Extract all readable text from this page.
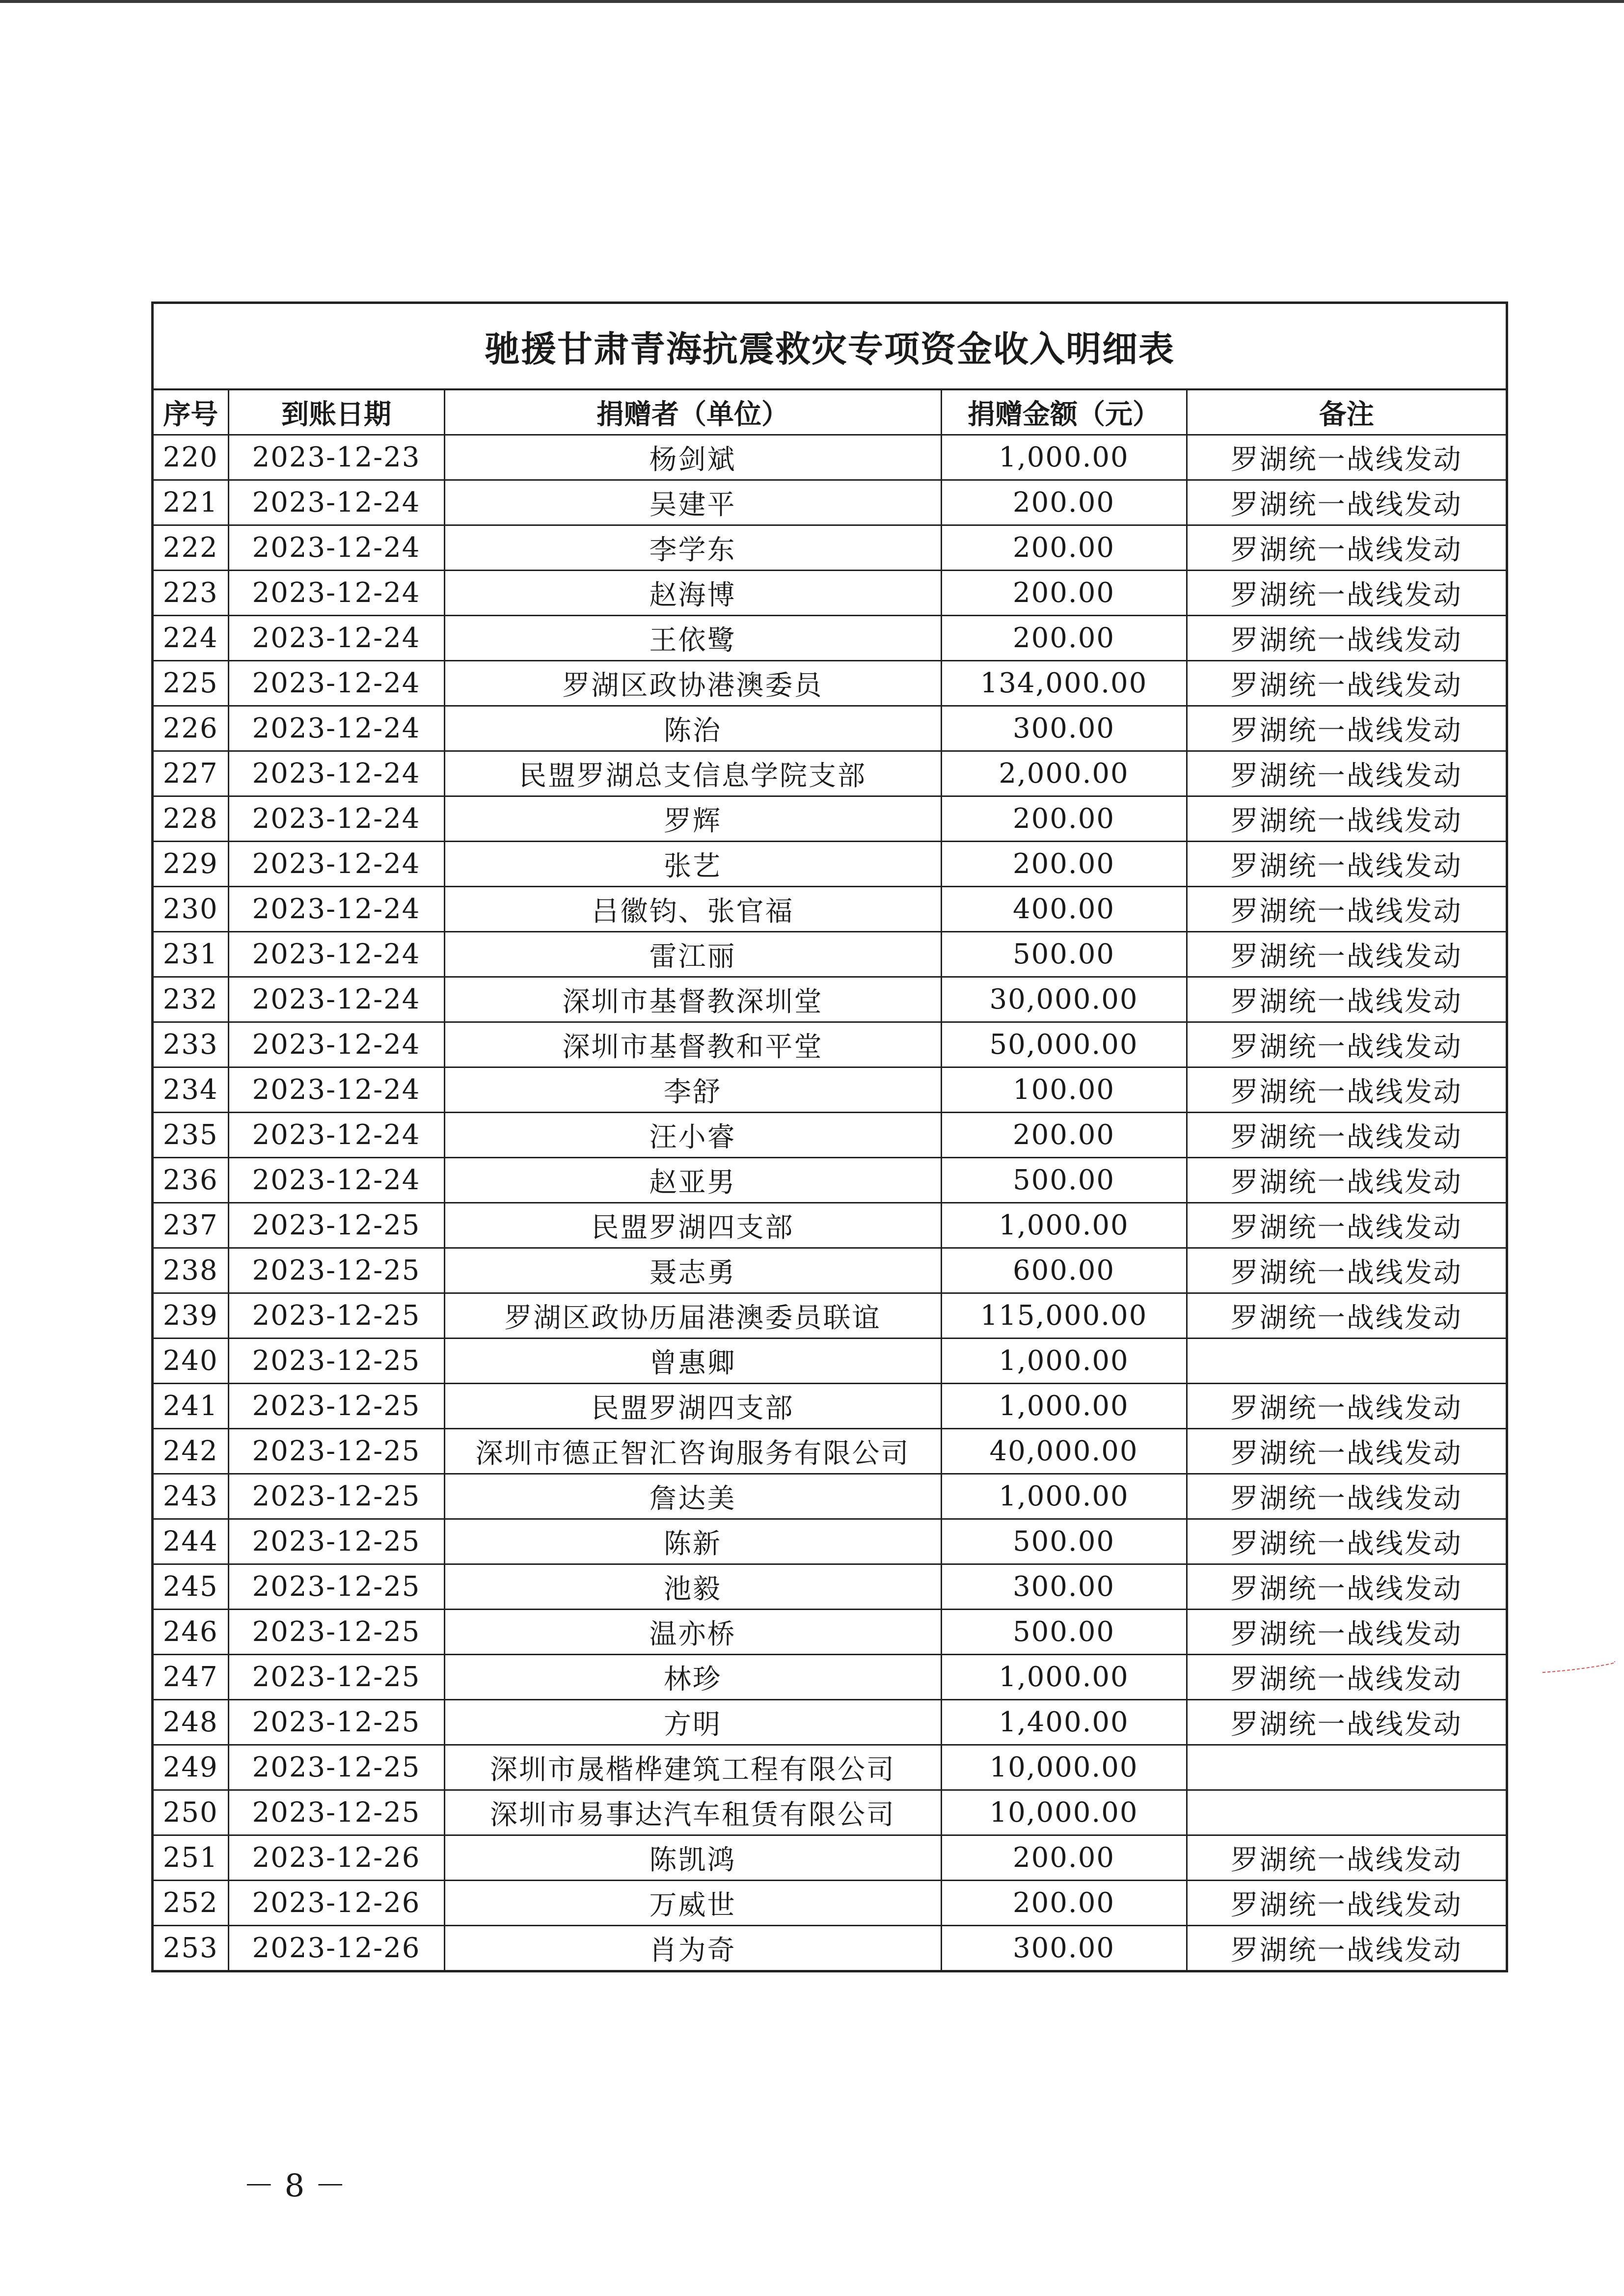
驰援甘肃青海抗震救灾专项资金收入明细表
序号	到账日期	捐赠者（单位）	捐赠金额（元）	备注
220	2023-12-23	杨剑斌	1,000.00	罗湖统一战线发动
221	2023-12-24	吴建平	200.00	罗湖统一战线发动
222	2023-12-24	李学东	200.00	罗湖统一战线发动
223	2023-12-24	赵海博	200.00	罗湖统一战线发动
224	2023-12-24	王依鹭	200.00	罗湖统一战线发动
225	2023-12-24	罗湖区政协港澳委员	134,000.00	罗湖统一战线发动
226	2023-12-24	陈治	300.00	罗湖统一战线发动
227	2023-12-24	民盟罗湖总支信息学院支部	2,000.00	罗湖统一战线发动
228	2023-12-24	罗辉	200.00	罗湖统一战线发动
229	2023-12-24	张艺	200.00	罗湖统一战线发动
230	2023-12-24	吕徽钧、张官福	400.00	罗湖统一战线发动
231	2023-12-24	雷江丽	500.00	罗湖统一战线发动
232	2023-12-24	深圳市基督教深圳堂	30,000.00	罗湖统一战线发动
233	2023-12-24	深圳市基督教和平堂	50,000.00	罗湖统一战线发动
234	2023-12-24	李舒	100.00	罗湖统一战线发动
235	2023-12-24	汪小睿	200.00	罗湖统一战线发动
236	2023-12-24	赵亚男	500.00	罗湖统一战线发动
237	2023-12-25	民盟罗湖四支部	1,000.00	罗湖统一战线发动
238	2023-12-25	聂志勇	600.00	罗湖统一战线发动
239	2023-12-25	罗湖区政协历届港澳委员联谊	115,000.00	罗湖统一战线发动
240	2023-12-25	曾惠卿	1,000.00	
241	2023-12-25	民盟罗湖四支部	1,000.00	罗湖统一战线发动
242	2023-12-25	深圳市德正智汇咨询服务有限公司	40,000.00	罗湖统一战线发动
243	2023-12-25	詹达美	1,000.00	罗湖统一战线发动
244	2023-12-25	陈新	500.00	罗湖统一战线发动
245	2023-12-25	池毅	300.00	罗湖统一战线发动
246	2023-12-25	温亦桥	500.00	罗湖统一战线发动
247	2023-12-25	林珍	1,000.00	罗湖统一战线发动
248	2023-12-25	方明	1,400.00	罗湖统一战线发动
249	2023-12-25	深圳市晟楷桦建筑工程有限公司	10,000.00	
250	2023-12-25	深圳市易事达汽车租赁有限公司	10,000.00	
251	2023-12-26	陈凯鸿	200.00	罗湖统一战线发动
252	2023-12-26	万威世	200.00	罗湖统一战线发动
253	2023-12-26	肖为奇	300.00	罗湖统一战线发动
－ 8 －
